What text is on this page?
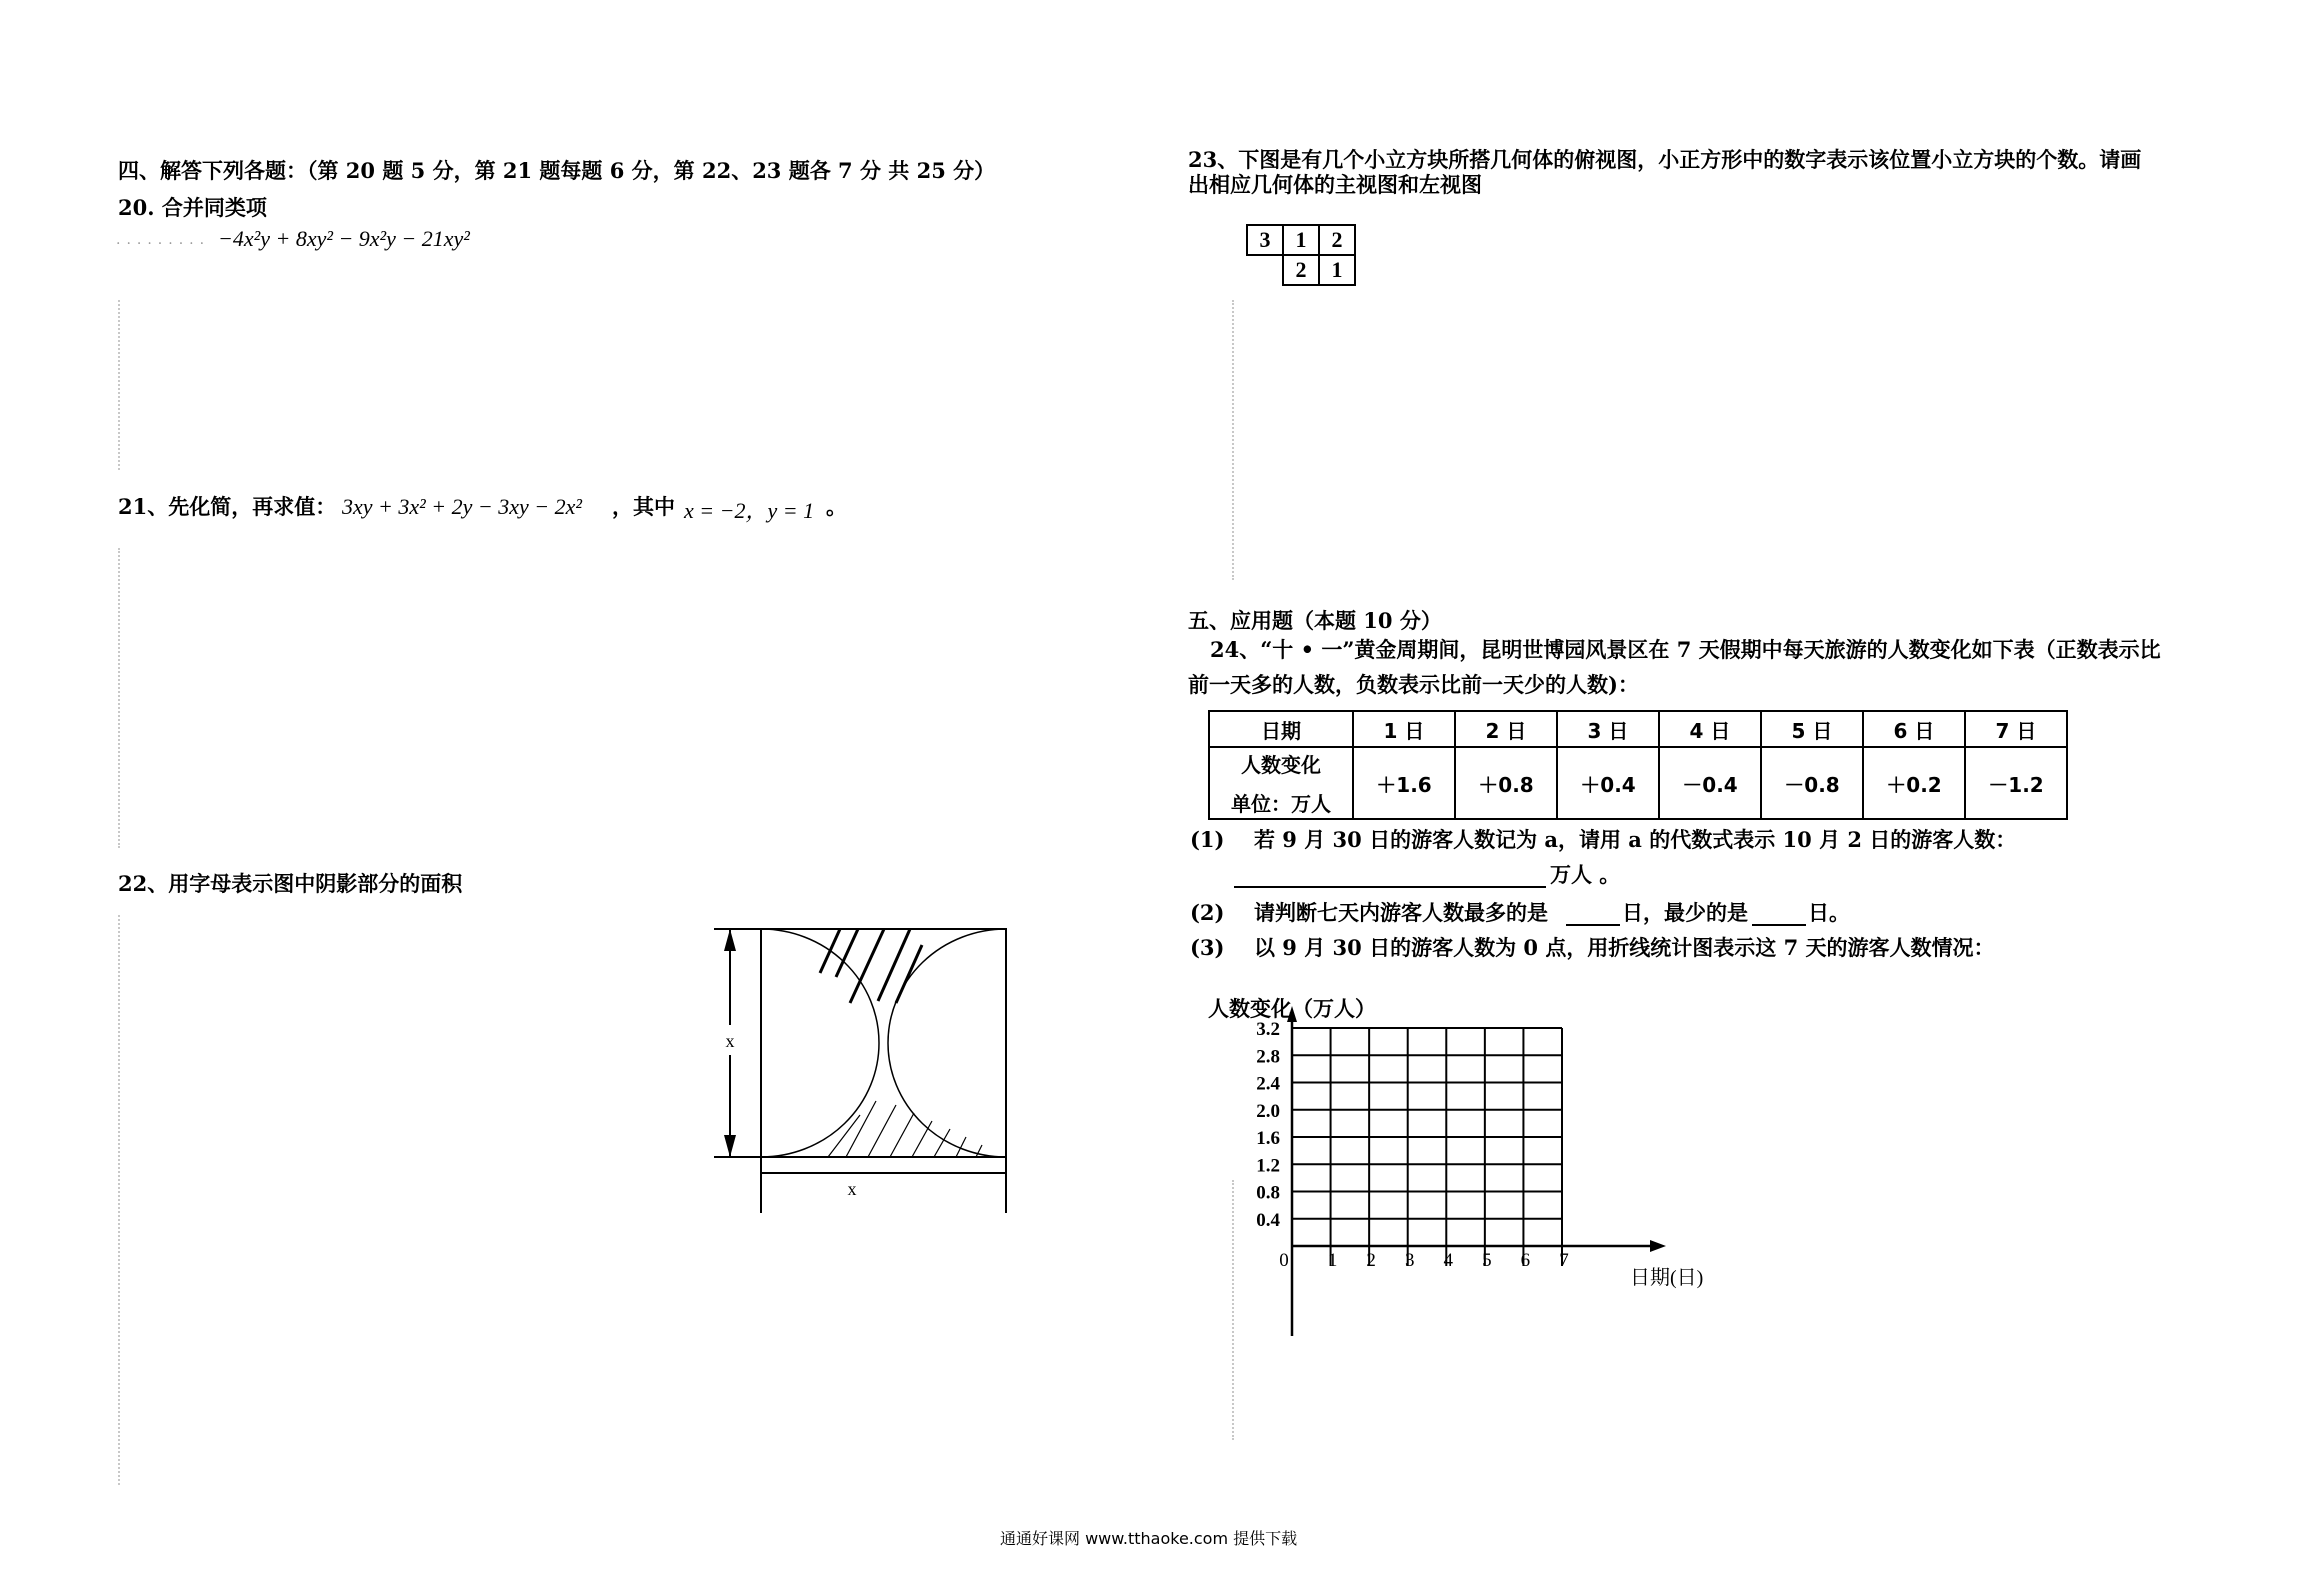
四、解答下列各题：（第 20 题 5 分，第 21 题每题 6 分，第 22、23 题各 7 分 共 25 分）
20. 合并同类项
......... −4x²y + 8xy² − 9x²y − 21xy²
21、先化简，再求值： 3xy + 3x² + 2y − 3xy − 2x² ，其中 x = −2，y = 1 。
22、用字母表示图中阴影部分的面积
x
x
23、下图是有几个小立方块所搭几何体的俯视图，小正方形中的数字表示该位置小立方块的个数。请画
出相应几何体的主视图和左视图
3	1	2
	2	1
五、应用题（本题 10 分）
24、“十 • 一”黄金周期间，昆明世博园风景区在 7 天假期中每天旅游的人数变化如下表（正数表示比
前一天多的人数，负数表示比前一天少的人数)：
日期	1 日	2 日	3 日	4 日	5 日	6 日	7 日

人数变化
单位：万人	＋1.6	＋0.8	＋0.4	－0.4	－0.8	＋0.2	－1.2
(1) 若 9 月 30 日的游客人数记为 a，请用 a 的代数式表示 10 月 2 日的游客人数：
万人 。
(2) 请判断七天内游客人数最多的是	日，最少的是	日。
(3) 以 9 月 30 日的游客人数为 0 点，用折线统计图表示这 7 天的游客人数情况：
0.4
0.8
1.2
1.6
2.0
2.4
2.8
3.2
0 1 2 3 4 5 6 7
人数变化（万人）
日期(日)
通通好课网 www.tthaoke.com 提供下载
